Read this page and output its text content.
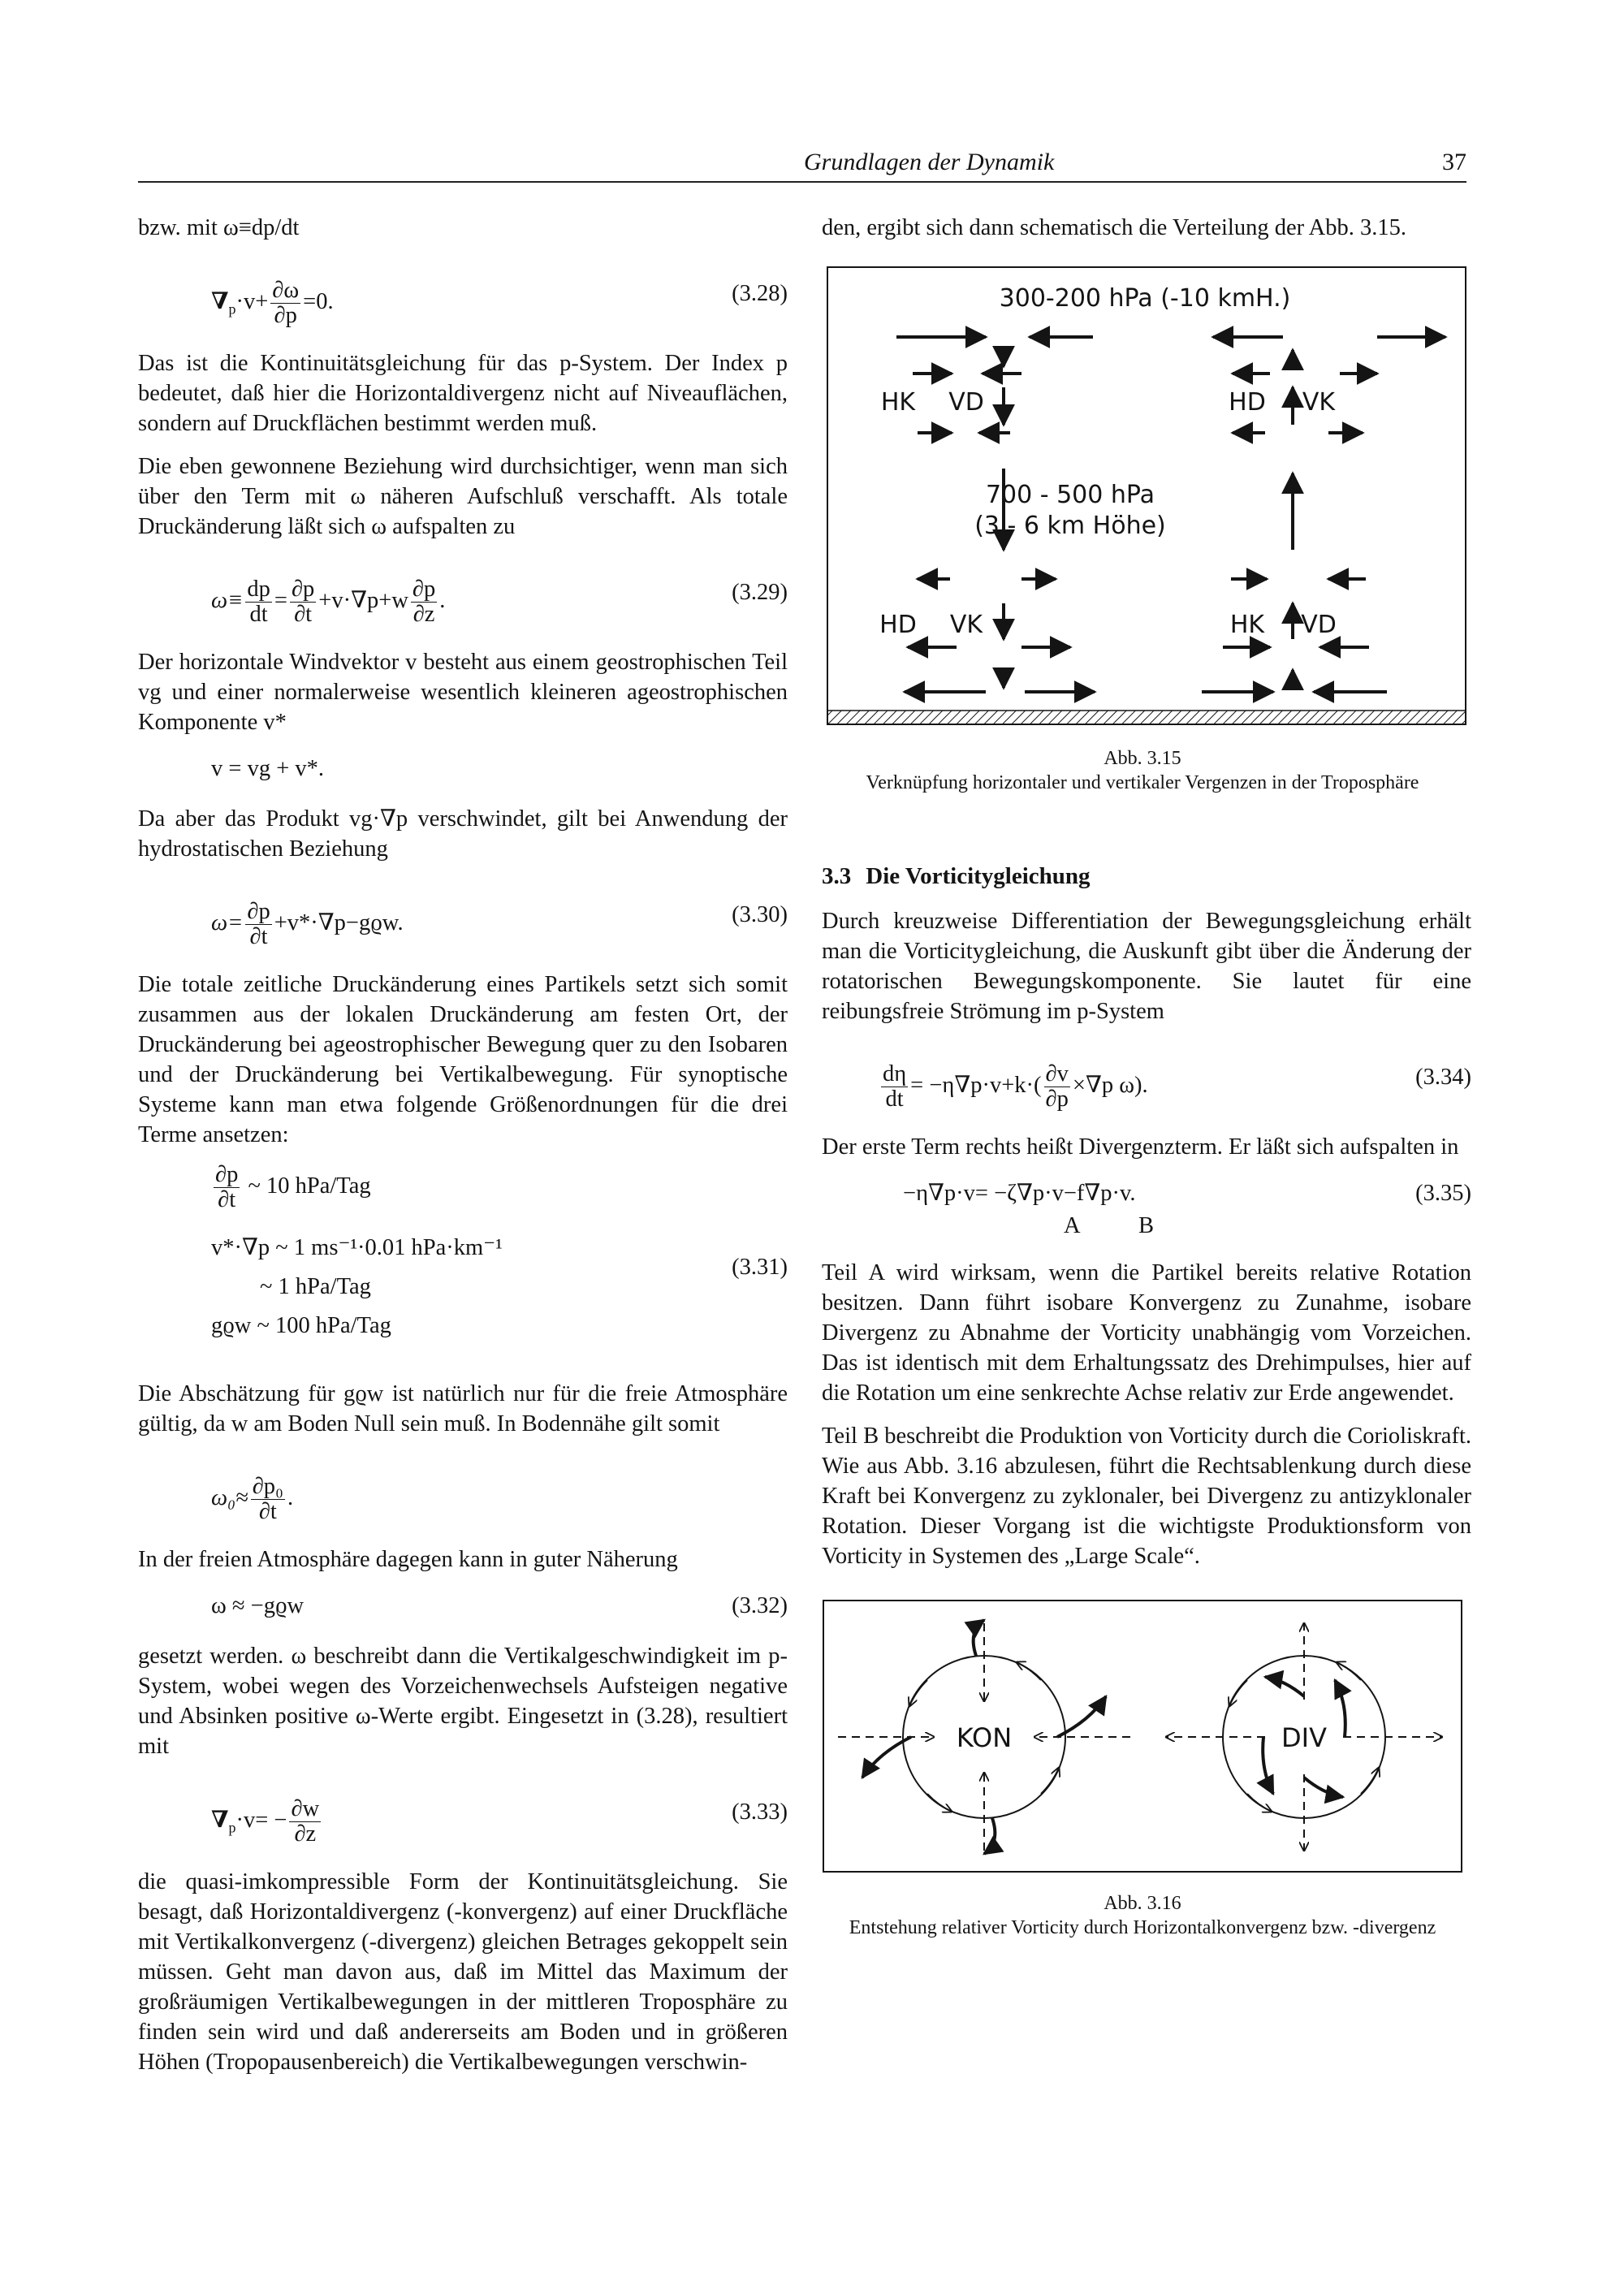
Grundlagen der Dynamik	37

bzw. mit ω≡dp/dt

$\nabla_p\cdot v+ \frac{\partial\omega}{\partial p} =0$.	(3.28)

Das ist die Kontinuitätsgleichung für das p-System. Der Index p bedeutet, daß hier die Horizontaldivergenz nicht auf Niveauflächen, sondern auf Druckflächen bestimmt werden muß.

Die eben gewonnene Beziehung wird durchsichtiger, wenn man sich über den Term mit ω näheren Aufschluß verschafft. Als totale Druckänderung läßt sich ω aufspalten zu

$\omega\equiv \frac{dp}{dt} = \frac{\partial p}{\partial t} +v\cdot\nabla p+w \frac{\partial p}{\partial z}$ .	(3.29)

Der horizontale Windvektor v besteht aus einem geostrophischen Teil vg und einer normalerweise wesentlich kleineren ageostrophischen Komponente v*

v = vg + v*.

Da aber das Produkt vg·∇p verschwindet, gilt bei Anwendung der hydrostatischen Beziehung

$\omega= \frac{\partial p}{\partial t} +v*\cdot\nabla p-gϱw$.	(3.30)

Die totale zeitliche Druckänderung eines Partikels setzt sich somit zusammen aus der lokalen Druckänderung am festen Ort, der Druckänderung bei ageostrophischer Bewegung quer zu den Isobaren und der Druckänderung bei Vertikalbewegung. Für synoptische Systeme kann man etwa folgende Größenordnungen für die drei Terme ansetzen:

$\frac{\partial p}{\partial t}$ ~ 10 hPa/Tag
v*·∇p ~ 1 ms⁻¹·0.01 hPa·km⁻¹
~ 1 hPa/Tag
gϱw ~ 100 hPa/Tag
(3.31)

Die Abschätzung für gϱw ist natürlich nur für die freie Atmosphäre gültig, da w am Boden Null sein muß. In Bodennähe gilt somit

$\omega_0\approx \frac{\text{∂p₀}}{\partial t}$ .

In der freien Atmosphäre dagegen kann in guter Näherung

ω ≈ −gϱw	(3.32)

gesetzt werden. ω beschreibt dann die Vertikalgeschwindigkeit im p-System, wobei wegen des Vorzeichenwechsels Aufsteigen negative und Absinken positive ω-Werte ergibt. Eingesetzt in (3.28), resultiert mit

$\nabla_p\cdot v= - \frac{\partial w}{\partial z}$	(3.33)

die quasi-imkompressible Form der Kontinuitätsgleichung. Sie besagt, daß Horizontaldivergenz (-konvergenz) auf einer Druckfläche mit Vertikalkonvergenz (-divergenz) gleichen Betrages gekoppelt sein müssen. Geht man davon aus, daß im Mittel das Maximum der großräumigen Vertikalbewegungen in der mittleren Troposphäre zu finden sein wird und daß andererseits am Boden und in größeren Höhen (Tropopausenbereich) die Vertikalbewegungen verschwin-

den, ergibt sich dann schematisch die Verteilung der Abb. 3.15.

300-200 hPa (-10 kmH.)
700 - 500 hPa
(3 - 6 km Höhe)
HK VD	HD VK
HD VK	HK VD
Abb. 3.15
Verknüpfung horizontaler und vertikaler Vergenzen in der Troposphäre
3.3 Die Vorticitygleichung

Durch kreuzweise Differentiation der Bewegungsgleichung erhält man die Vorticitygleichung, die Auskunft gibt über die Änderung der rotatorischen Bewegungskomponente. Sie lautet für eine reibungsfreie Strömung im p-System

$\frac{d\eta}{dt} = -\eta\nabla p\cdot v+k\cdot( \frac{\partial v}{\partial p} \times\nabla p$ ω).	(3.34)

Der erste Term rechts heißt Divergenzterm. Er läßt sich aufspalten in

−η∇p·v= −ζ∇p·v−f∇p·v.
A	B
(3.35)

Teil A wird wirksam, wenn die Partikel bereits relative Rotation besitzen. Dann führt isobare Konvergenz zu Zunahme, isobare Divergenz zu Abnahme der Vorticity unabhängig vom Vorzeichen. Das ist identisch mit dem Erhaltungssatz des Drehimpulses, hier auf die Rotation um eine senkrechte Achse relativ zur Erde angewendet.

Teil B beschreibt die Produktion von Vorticity durch die Corioliskraft. Wie aus Abb. 3.16 abzulesen, führt die Rechtsablenkung durch diese Kraft bei Konvergenz zu zyklonaler, bei Divergenz zu antizyklonaler Rotation. Dieser Vorgang ist die wichtigste Produktionsform von Vorticity in Systemen des „Large Scale“.

KON	DIV
Abb. 3.16
Entstehung relativer Vorticity durch Horizontalkonvergenz bzw. -divergenz
